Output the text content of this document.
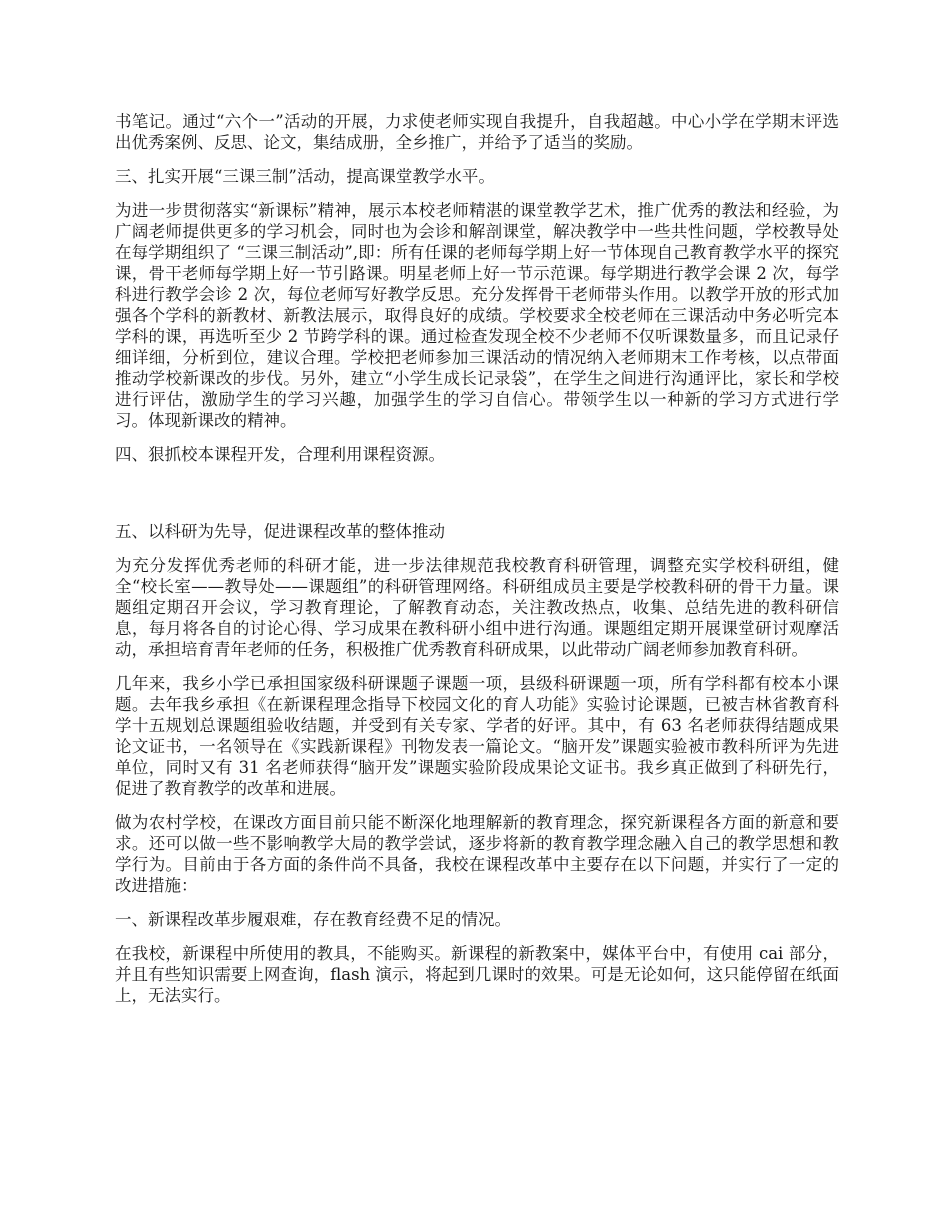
书笔记。通过“六个一”活动的开展，力求使老师实现自我提升，自我超越。中心小学在学期末评选出优秀案例、反思、论文，集结成册，全乡推广，并给予了适当的奖励。

三、扎实开展“三课三制”活动，提高课堂教学水平。

为进一步贯彻落实“新课标”精神，展示本校老师精湛的课堂教学艺术，推广优秀的教法和经验，为广阔老师提供更多的学习机会，同时也为会诊和解剖课堂，解决教学中一些共性问题，学校教导处在每学期组织了 “三课三制活动”,即：所有任课的老师每学期上好一节体现自己教育教学水平的探究课，骨干老师每学期上好一节引路课。明星老师上好一节示范课。每学期进行教学会课 2 次，每学科进行教学会诊 2 次，每位老师写好教学反思。充分发挥骨干老师带头作用。以教学开放的形式加强各个学科的新教材、新教法展示，取得良好的成绩。学校要求全校老师在三课活动中务必听完本学科的课，再选听至少 2 节跨学科的课。通过检查发现全校不少老师不仅听课数量多，而且记录仔细详细，分析到位，建议合理。学校把老师参加三课活动的情况纳入老师期末工作考核，以点带面推动学校新课改的步伐。另外，建立“小学生成长记录袋”，在学生之间进行沟通评比，家长和学校进行评估，激励学生的学习兴趣，加强学生的学习自信心。带领学生以一种新的学习方式进行学习。体现新课改的精神。

四、狠抓校本课程开发，合理利用课程资源。

五、以科研为先导，促进课程改革的整体推动

为充分发挥优秀老师的科研才能，进一步法律规范我校教育科研管理，调整充实学校科研组，健全“校长室——教导处——课题组”的科研管理网络。科研组成员主要是学校教科研的骨干力量。课题组定期召开会议，学习教育理论，了解教育动态，关注教改热点，收集、总结先进的教科研信息，每月将各自的讨论心得、学习成果在教科研小组中进行沟通。课题组定期开展课堂研讨观摩活动，承担培育青年老师的任务，积极推广优秀教育科研成果，以此带动广阔老师参加教育科研。

几年来，我乡小学已承担国家级科研课题子课题一项，县级科研课题一项，所有学科都有校本小课题。去年我乡承担《在新课程理念指导下校园文化的育人功能》实验讨论课题，已被吉林省教育科学十五规划总课题组验收结题，并受到有关专家、学者的好评。其中，有 63 名老师获得结题成果论文证书，一名领导在《实践新课程》刊物发表一篇论文。“脑开发”课题实验被市教科所评为先进单位，同时又有 31 名老师获得“脑开发”课题实验阶段成果论文证书。我乡真正做到了科研先行，促进了教育教学的改革和进展。

做为农村学校，在课改方面目前只能不断深化地理解新的教育理念，探究新课程各方面的新意和要求。还可以做一些不影响教学大局的教学尝试，逐步将新的教育教学理念融入自己的教学思想和教学行为。目前由于各方面的条件尚不具备，我校在课程改革中主要存在以下问题，并实行了一定的改进措施：

一、新课程改革步履艰难，存在教育经费不足的情况。

在我校，新课程中所使用的教具，不能购买。新课程的新教案中，媒体平台中，有使用 cai 部分，并且有些知识需要上网查询，flash 演示，将起到几课时的效果。可是无论如何，这只能停留在纸面上，无法实行。
